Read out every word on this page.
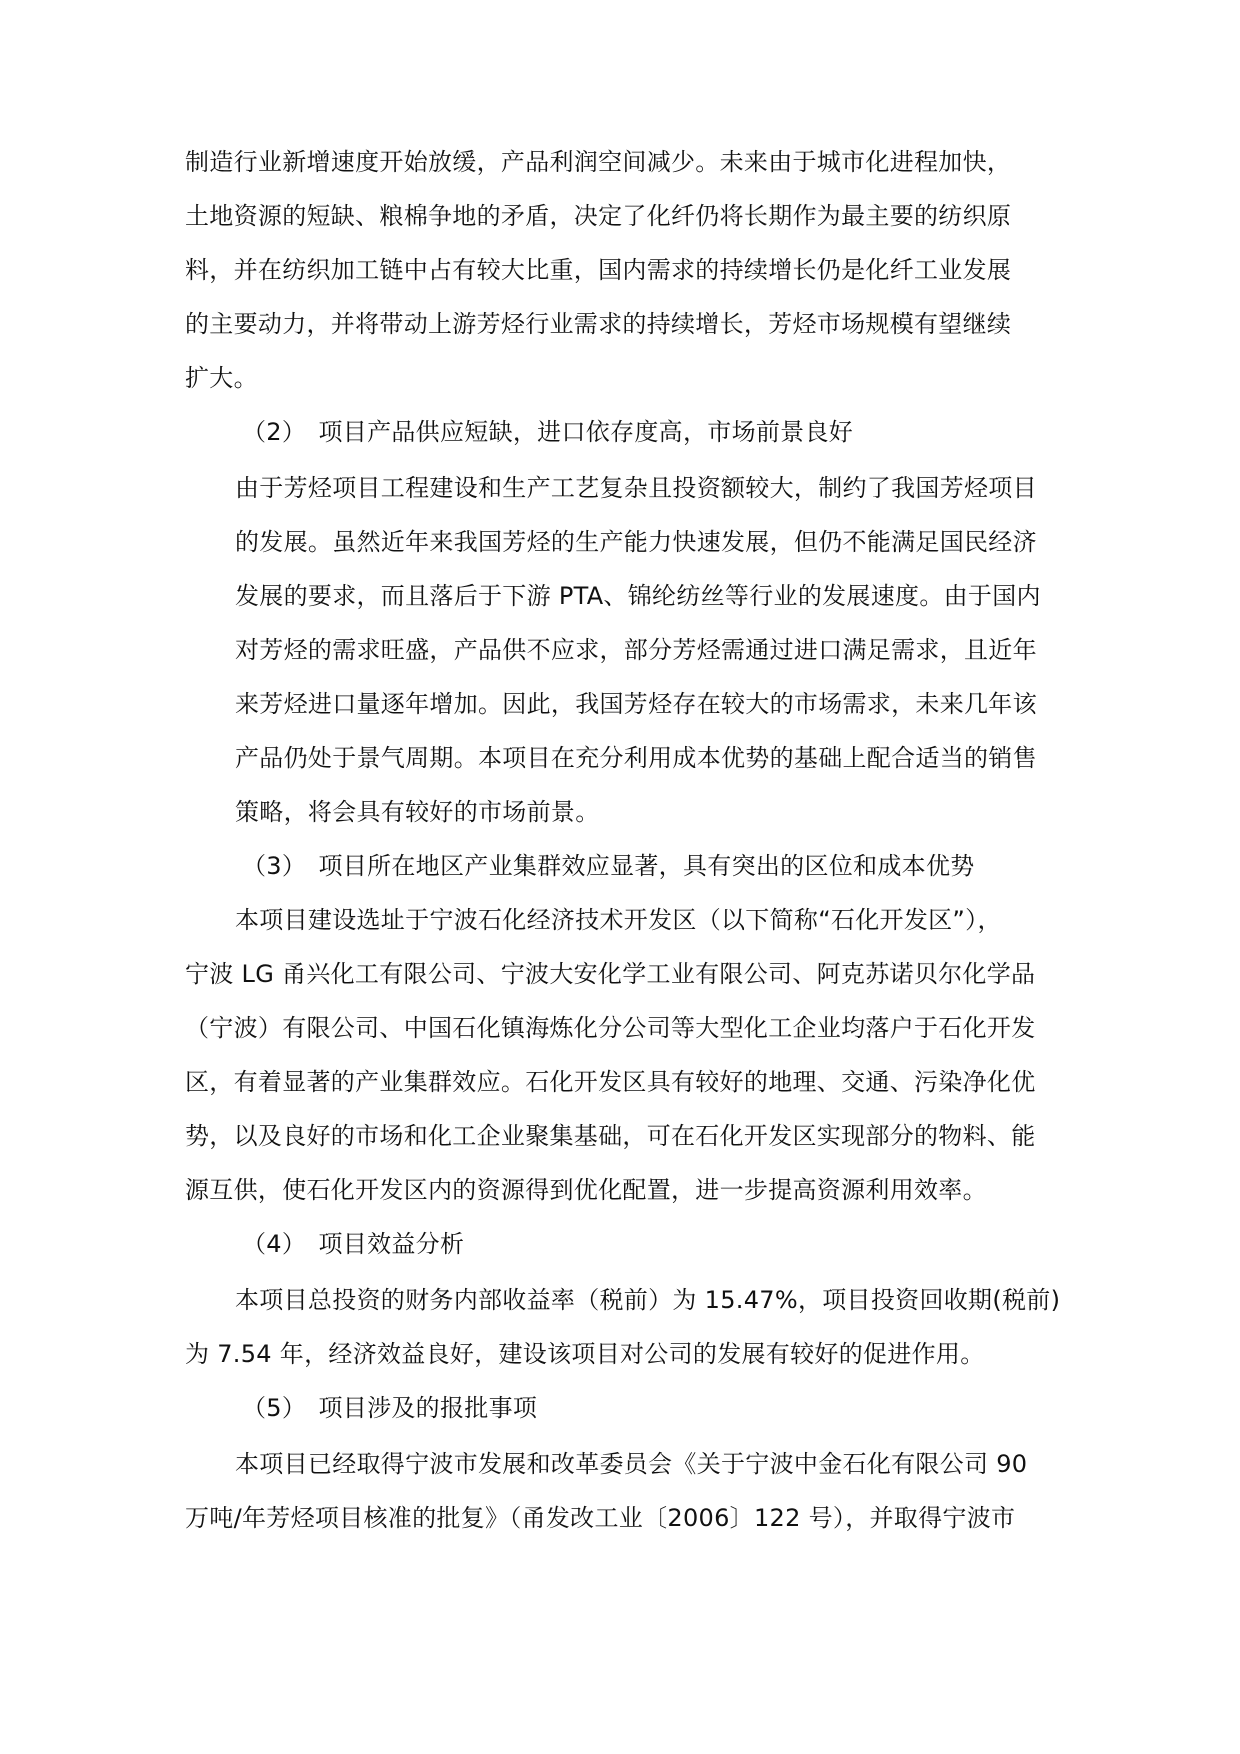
制造行业新增速度开始放缓，产品利润空间减少。未来由于城市化进程加快，

土地资源的短缺、粮棉争地的矛盾，决定了化纤仍将长期作为最主要的纺织原

料，并在纺织加工链中占有较大比重，国内需求的持续增长仍是化纤工业发展

的主要动力，并将带动上游芳烃行业需求的持续增长，芳烃市场规模有望继续

扩大。

（2）　项目产品供应短缺，进口依存度高，市场前景良好

由于芳烃项目工程建设和生产工艺复杂且投资额较大，制约了我国芳烃项目

的发展。虽然近年来我国芳烃的生产能力快速发展，但仍不能满足国民经济

发展的要求，而且落后于下游 PTA、锦纶纺丝等行业的发展速度。由于国内

对芳烃的需求旺盛，产品供不应求，部分芳烃需通过进口满足需求，且近年

来芳烃进口量逐年增加。因此，我国芳烃存在较大的市场需求，未来几年该

产品仍处于景气周期。本项目在充分利用成本优势的基础上配合适当的销售

策略，将会具有较好的市场前景。

（3）　项目所在地区产业集群效应显著，具有突出的区位和成本优势

本项目建设选址于宁波石化经济技术开发区（以下简称“石化开发区”），

宁波 LG 甬兴化工有限公司、宁波大安化学工业有限公司、阿克苏诺贝尔化学品

（宁波）有限公司、中国石化镇海炼化分公司等大型化工企业均落户于石化开发

区，有着显著的产业集群效应。石化开发区具有较好的地理、交通、污染净化优

势，以及良好的市场和化工企业聚集基础，可在石化开发区实现部分的物料、能

源互供，使石化开发区内的资源得到优化配置，进一步提高资源利用效率。

（4）　项目效益分析

本项目总投资的财务内部收益率（税前）为 15.47%，项目投资回收期(税前)

为 7.54 年，经济效益良好，建设该项目对公司的发展有较好的促进作用。

（5）　项目涉及的报批事项

本项目已经取得宁波市发展和改革委员会《关于宁波中金石化有限公司 90

万吨/年芳烃项目核准的批复》（甬发改工业〔2006〕122 号），并取得宁波市
